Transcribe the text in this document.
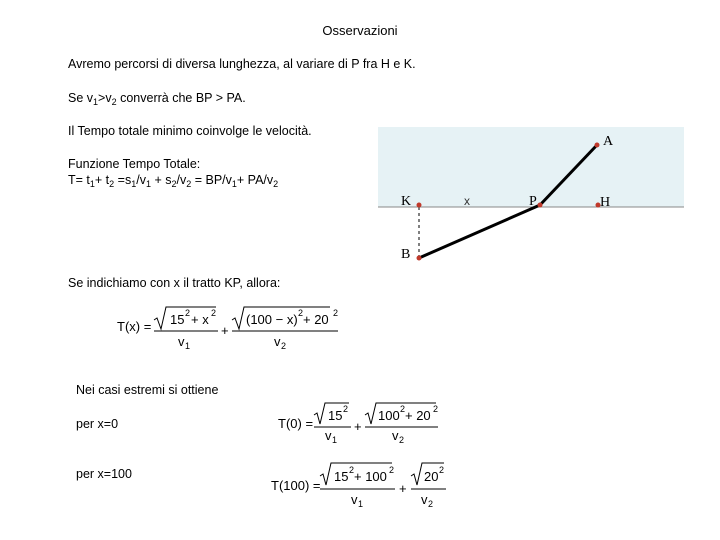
Osservazioni
Avremo percorsi di diversa lunghezza, al variare di P fra H e K.
Se $v_1>v_2$ converrà che BP > PA.
Il Tempo totale minimo coinvolge le velocità.
Funzione Tempo Totale:
$T= t_1+ t_2 =s_1/v_1 + s_2/v_2 = BP/v_1+ PA/v_2$
A
K	x	P	H
B
Se indichiamo con x il tratto KP, allora:
T(x) = 15 2 + x 2
v 1
+
(100 − x) 2 + 20 2
v 2
Nei casi estremi si ottiene
per x=0	T(0) =
15 2
v 1
+
100 2 + 20 2
v 2
per x=100
T(100) =
15 2 + 100 2
v 1
+
20 2
v 2
